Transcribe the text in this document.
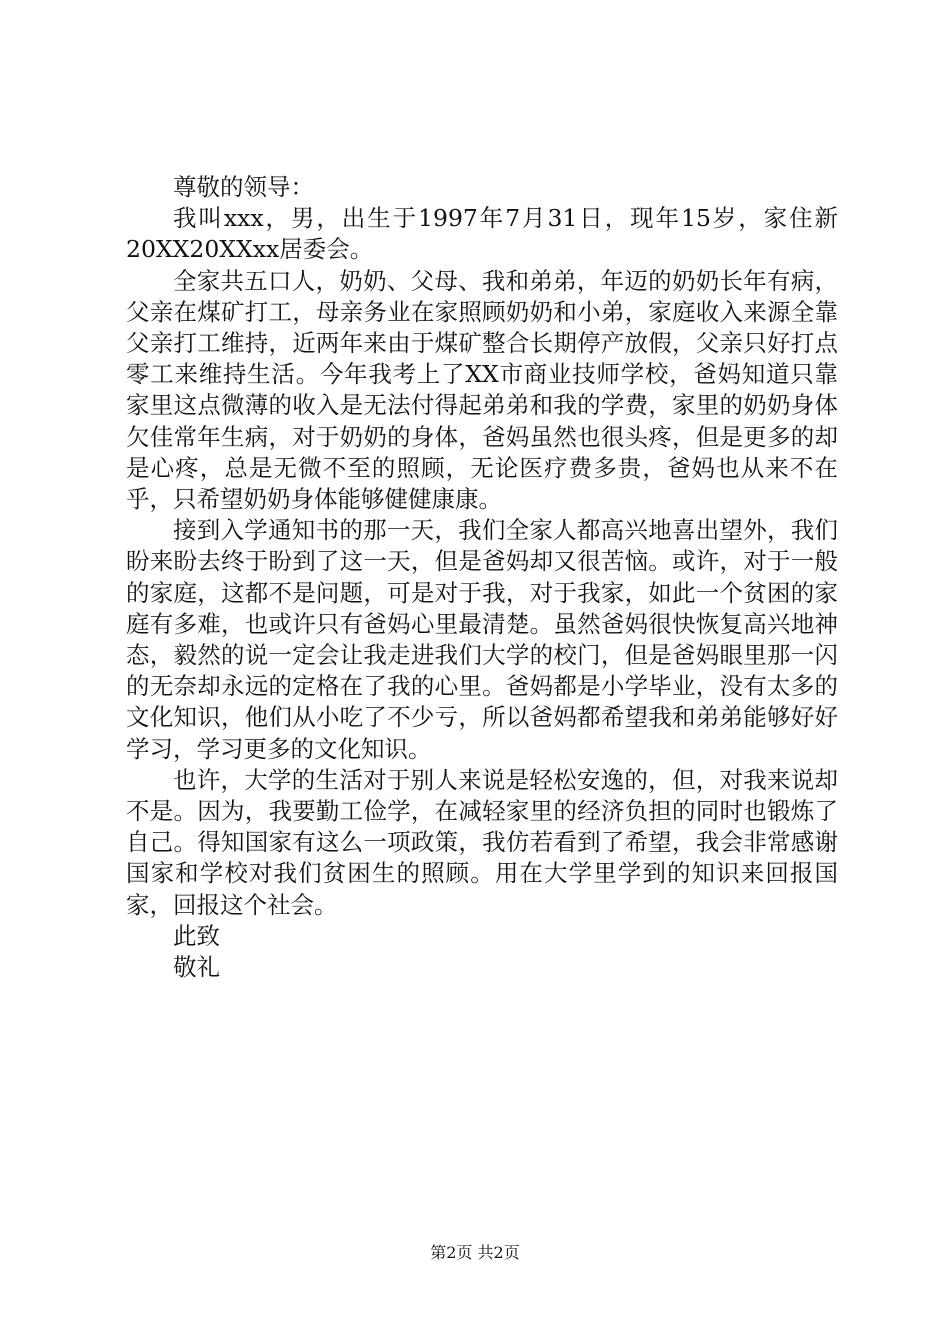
尊敬的领导：

我叫xxx，男，出生于1997年7月31日，现年15岁，家住新20XX20XXxx居委会。

全家共五口人，奶奶、父母、我和弟弟，年迈的奶奶长年有病，父亲在煤矿打工，母亲务业在家照顾奶奶和小弟，家庭收入来源全靠父亲打工维持，近两年来由于煤矿整合长期停产放假，父亲只好打点零工来维持生活。今年我考上了XX市商业技师学校，爸妈知道只靠家里这点微薄的收入是无法付得起弟弟和我的学费，家里的奶奶身体欠佳常年生病，对于奶奶的身体，爸妈虽然也很头疼，但是更多的却是心疼，总是无微不至的照顾，无论医疗费多贵，爸妈也从来不在乎，只希望奶奶身体能够健健康康。

接到入学通知书的那一天，我们全家人都高兴地喜出望外，我们盼来盼去终于盼到了这一天，但是爸妈却又很苦恼。或许，对于一般的家庭，这都不是问题，可是对于我，对于我家，如此一个贫困的家庭有多难，也或许只有爸妈心里最清楚。虽然爸妈很快恢复高兴地神态，毅然的说一定会让我走进我们大学的校门，但是爸妈眼里那一闪的无奈却永远的定格在了我的心里。爸妈都是小学毕业，没有太多的文化知识，他们从小吃了不少亏，所以爸妈都希望我和弟弟能够好好学习，学习更多的文化知识。

也许，大学的生活对于别人来说是轻松安逸的，但，对我来说却不是。因为，我要勤工俭学，在减轻家里的经济负担的同时也锻炼了自己。得知国家有这么一项政策，我仿若看到了希望，我会非常感谢国家和学校对我们贫困生的照顾。用在大学里学到的知识来回报国家，回报这个社会。

此致

敬礼

第2页 共2页
